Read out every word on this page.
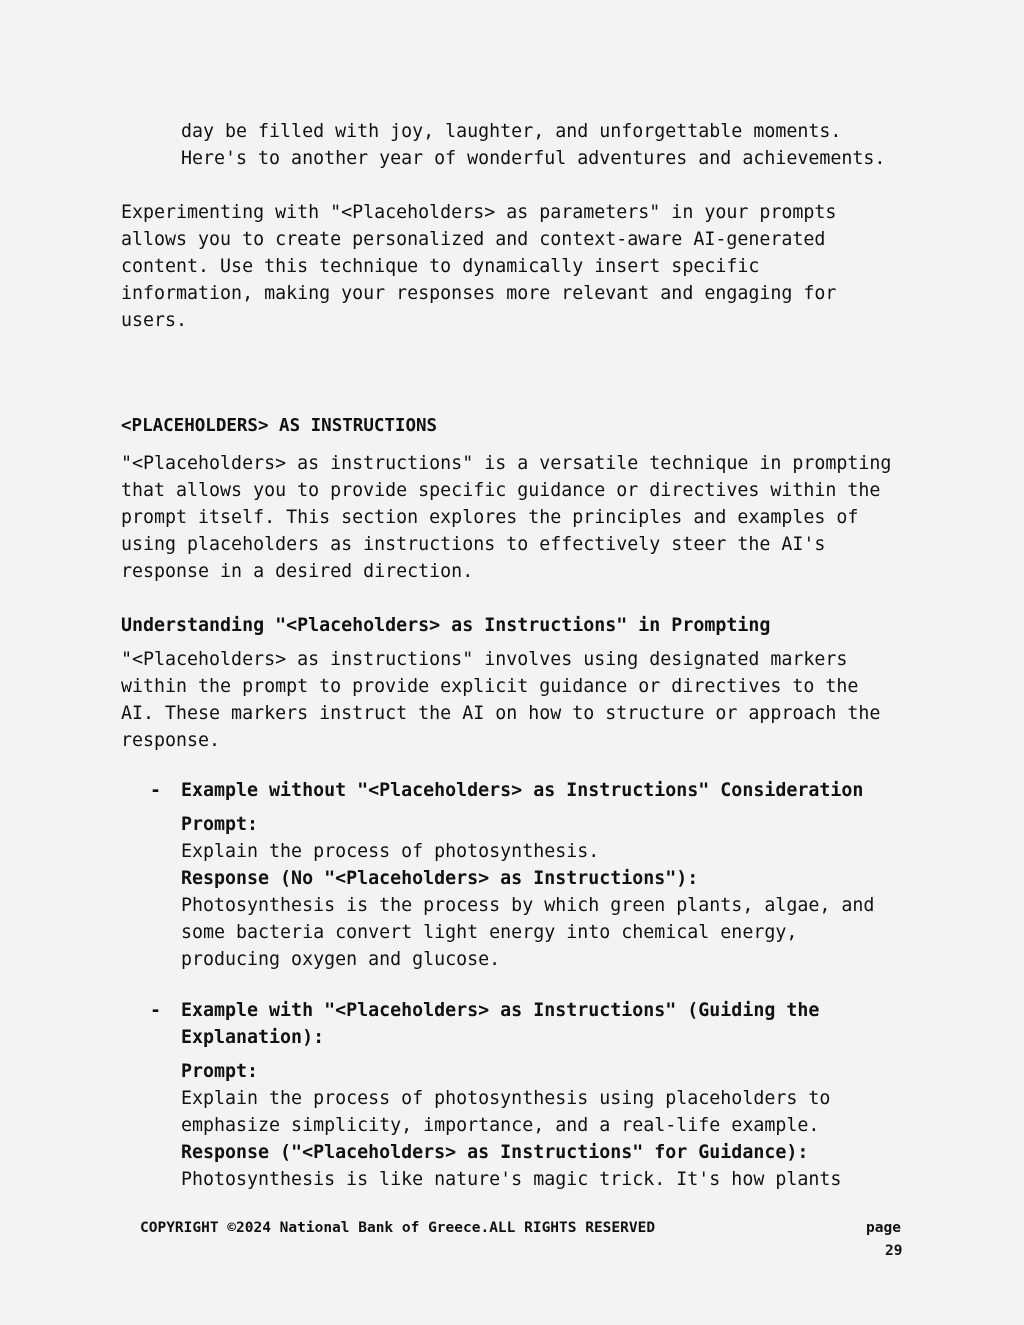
day be filled with joy, laughter, and unforgettable moments.
Here's to another year of wonderful adventures and achievements.
Experimenting with "<Placeholders> as parameters" in your prompts
allows you to create personalized and context-aware AI-generated
content. Use this technique to dynamically insert specific
information, making your responses more relevant and engaging for
users.
<PLACEHOLDERS> AS INSTRUCTIONS
"<Placeholders> as instructions" is a versatile technique in prompting
that allows you to provide specific guidance or directives within the
prompt itself. This section explores the principles and examples of
using placeholders as instructions to effectively steer the AI's
response in a desired direction.
Understanding "<Placeholders> as Instructions" in Prompting
"<Placeholders> as instructions" involves using designated markers
within the prompt to provide explicit guidance or directives to the
AI. These markers instruct the AI on how to structure or approach the
response.
- Example without "<Placeholders> as Instructions" Consideration
Prompt:
Explain the process of photosynthesis.
Response (No "<Placeholders> as Instructions"):
Photosynthesis is the process by which green plants, algae, and
some bacteria convert light energy into chemical energy,
producing oxygen and glucose.
- Example with "<Placeholders> as Instructions" (Guiding the
Explanation):
Prompt:
Explain the process of photosynthesis using placeholders to
emphasize simplicity, importance, and a real-life example.
Response ("<Placeholders> as Instructions" for Guidance):
Photosynthesis is like nature's magic trick. It's how plants
COPYRIGHT ©2024 National Bank of Greece.ALL RIGHTS RESERVED	page
29
